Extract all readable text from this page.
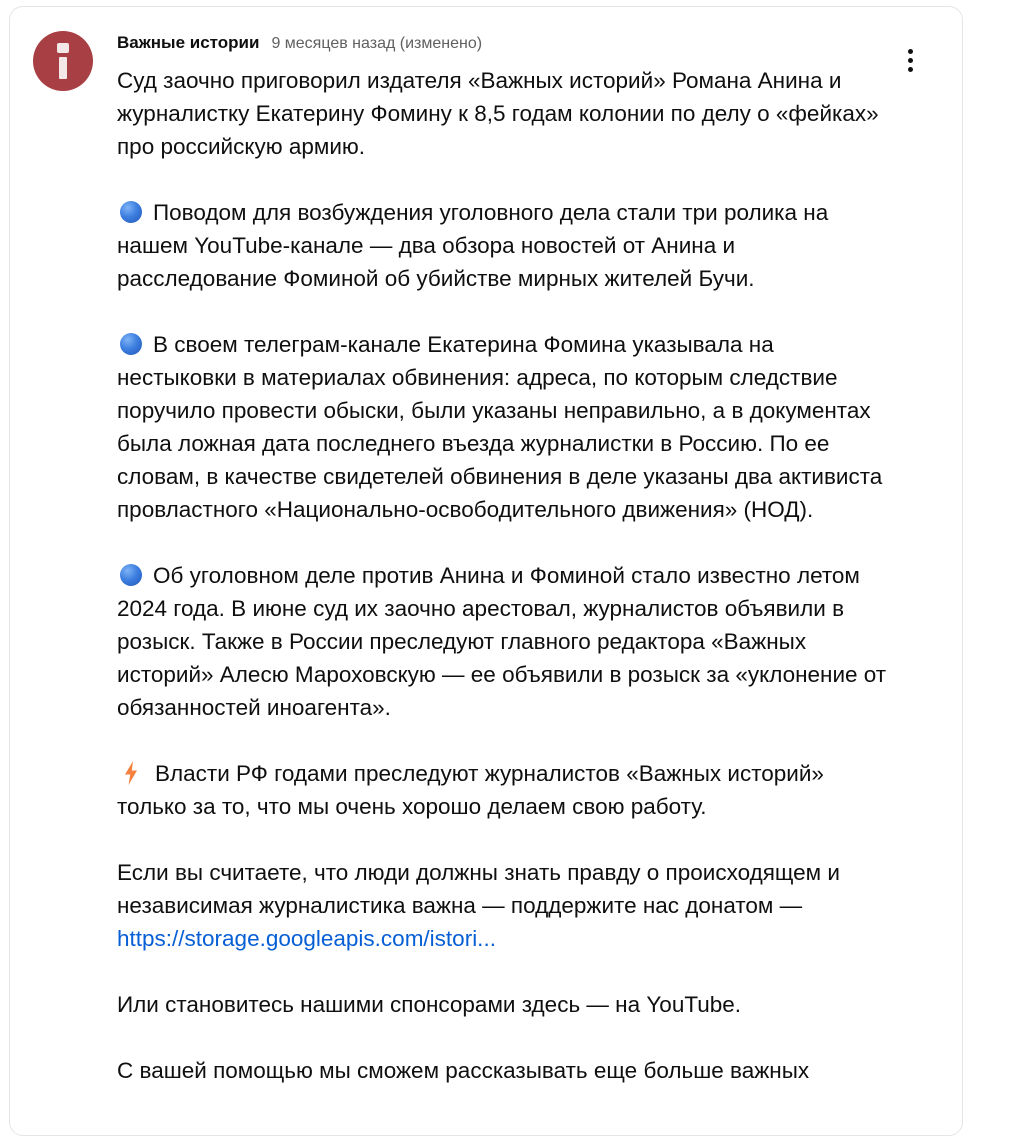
Важные истории 9 месяцев назад (изменено)

Суд заочно приговорил издателя «Важных историй» Романа Анина и журналистку Екатерину Фомину к 8,5 годам колонии по делу о «фейках» про российскую армию.

Поводом для возбуждения уголовного дела стали три ролика на нашем YouTube-канале — два обзора новостей от Анина и расследование Фоминой об убийстве мирных жителей Бучи.

В своем телеграм-канале Екатерина Фомина указывала на нестыковки в материалах обвинения: адреса, по которым следствие поручило провести обыски, были указаны неправильно, а в документах была ложная дата последнего въезда журналистки в Россию. По ее словам, в качестве свидетелей обвинения в деле указаны два активиста провластного «Национально-освободительного движения» (НОД).

Об уголовном деле против Анина и Фоминой стало известно летом 2024 года. В июне суд их заочно арестовал, журналистов объявили в розыск. Также в России преследуют главного редактора «Важных историй» Алесю Мароховскую — ее объявили в розыск за «уклонение от обязанностей иноагента».

Власти РФ годами преследуют журналистов «Важных историй» только за то, что мы очень хорошо делаем свою работу.

Если вы считаете, что люди должны знать правду о происходящем и независимая журналистика важна — поддержите нас донатом — https://storage.googleapis.com/istori...

Или становитесь нашими спонсорами здесь — на YouTube.

С вашей помощью мы сможем рассказывать еще больше важных
